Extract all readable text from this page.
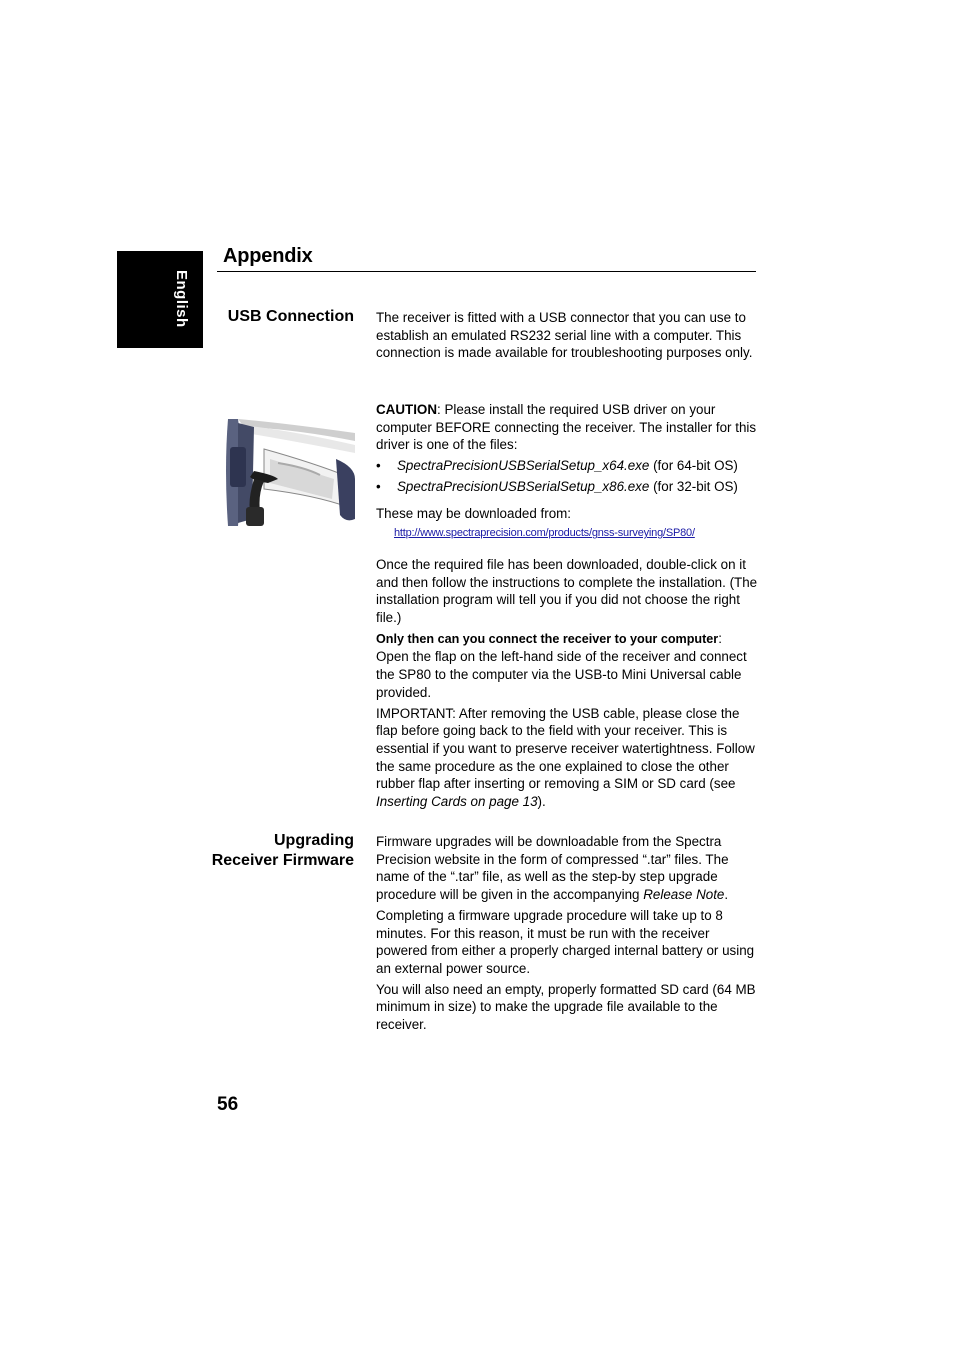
English
Appendix
USB Connection The receiver is fitted with a USB connector that you can use to establish an emulated RS232 serial line with a computer. This connection is made available for troubleshooting purposes only.

CAUTION: Please install the required USB driver on your computer BEFORE connecting the receiver. The installer for this driver is one of the files:

• SpectraPrecisionUSBSerialSetup_x64.exe (for 64-bit OS)

• SpectraPrecisionUSBSerialSetup_x86.exe (for 32-bit OS)

These may be downloaded from:

http://www.spectraprecision.com/products/gnss-surveying/SP80/

Once the required file has been downloaded, double-click on it and then follow the instructions to complete the installation. (The installation program will tell you if you did not choose the right file.)

Only then can you connect the receiver to your computer: Open the flap on the left-hand side of the receiver and connect the SP80 to the computer via the USB-to Mini Universal cable provided.

IMPORTANT: After removing the USB cable, please close the flap before going back to the field with your receiver. This is essential if you want to preserve receiver watertightness. Follow the same procedure as the one explained to close the other rubber flap after inserting or removing a SIM or SD card (see Inserting Cards on page 13).

Upgrading
Receiver Firmware

Firmware upgrades will be downloadable from the Spectra Precision website in the form of compressed “.tar” files. The name of the “.tar” file, as well as the step-by step upgrade procedure will be given in the accompanying Release Note.

Completing a firmware upgrade procedure will take up to 8 minutes. For this reason, it must be run with the receiver powered from either a properly charged internal battery or using an external power source.

You will also need an empty, properly formatted SD card (64 MB minimum in size) to make the upgrade file available to the receiver.

56
